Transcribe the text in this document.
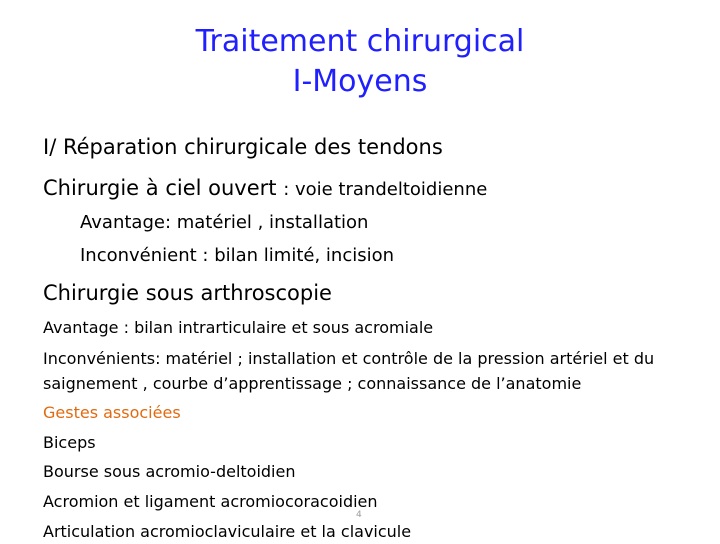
Traitement chirurgical
I-Moyens
I/ Réparation chirurgicale des tendons
Chirurgie à ciel ouvert : voie trandeltoidienne
Avantage: matériel , installation
Inconvénient : bilan limité, incision
Chirurgie sous arthroscopie
Avantage : bilan intrarticulaire et sous acromiale
Inconvénients: matériel ; installation et contrôle de la pression artériel et du saignement , courbe d’apprentissage ; connaissance de l’anatomie
Gestes associées
Biceps
Bourse sous acromio-deltoidien
Acromion et ligament acromiocoracoidien
Articulation acromioclaviculaire et la clavicule
4
